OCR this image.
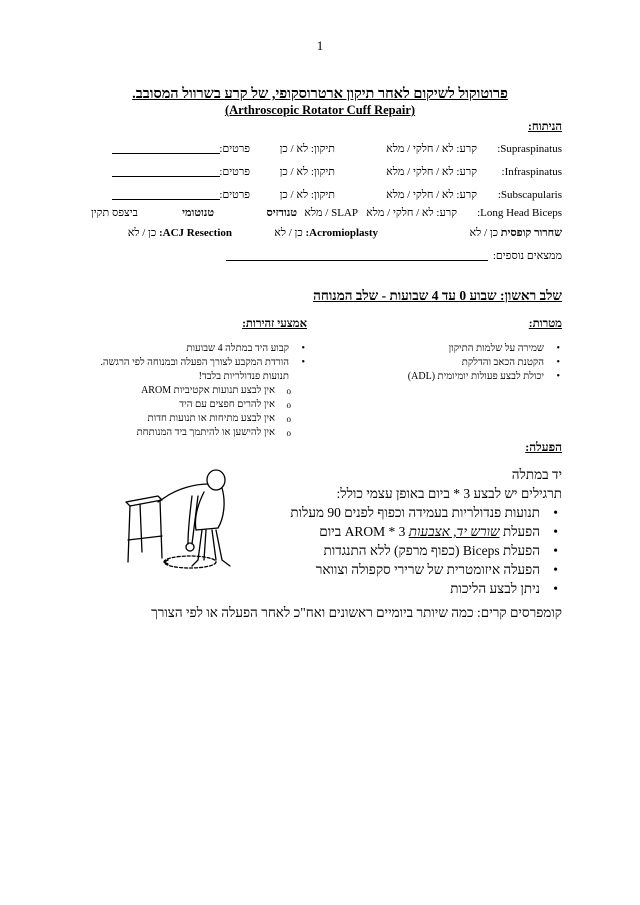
1
פרוטוקול לשיקום לאחר תיקון ארטרוסקופי, של קרע בשרוול המסובב.
(Arthroscopic Rotator Cuff Repair)
הניתוח:
Supraspinatus:
קרע: לא / חלקי / מלא
תיקון: לא / כן
פרטים:
Infraspinatus:
קרע: לא / חלקי / מלא
תיקון: לא / כן
פרטים:
Subscapularis:
קרע: לא / חלקי / מלא
תיקון: לא / כן
פרטים:
Long Head Biceps:
קרע: לא / חלקי / מלא
SLAP / מלא
טנודזיס
טנוטומי
ביצפס תקין
שחרור קופסית כן / לא
Acromioplasty: כן / לא
ACJ Resection: כן / לא
ממצאים נוספים:
שלב ראשון: שבוע 0 עד 4 שבועות - שלב המנוחה
מטרות:
• שמירה על שלמות התיקון
• הקטנת הכאב והדלקת
• יכולת לבצע פעולות יומיומית (ADL)
אמצעי זהירות:
• קבוע היד במתלה 4 שבועות
• הורדת המקבע לצורך הפעלה ובמנוחה לפי הרגשה.
תנועות פנדולריות בלבד!
o אין לבצע תנועות אקטיביות AROM
o אין להרים חפצים עם היד
o אין לבצע מתיחות או תנועות חדות
o אין להישען או להיתמך ביד המנותחת
הפעלה:
יד במתלה
תרגילים יש לבצע 3 * ביום באופן עצמי כולל:
• תנועות פנדולריות בעמידה וכפוף לפנים 90 מעלות
• הפעלת שורש יד, אצבעות 3 * AROM ביום
• הפעלת Biceps (כפוף מרפק) ללא התנגדות
• הפעלה איזומטרית של שרירי סקפולה וצוואר
• ניתן לבצע הליכות
קומפרסים קרים: כמה שיותר ביומיים ראשונים ואח"כ לאחר הפעלה או לפי הצורך
